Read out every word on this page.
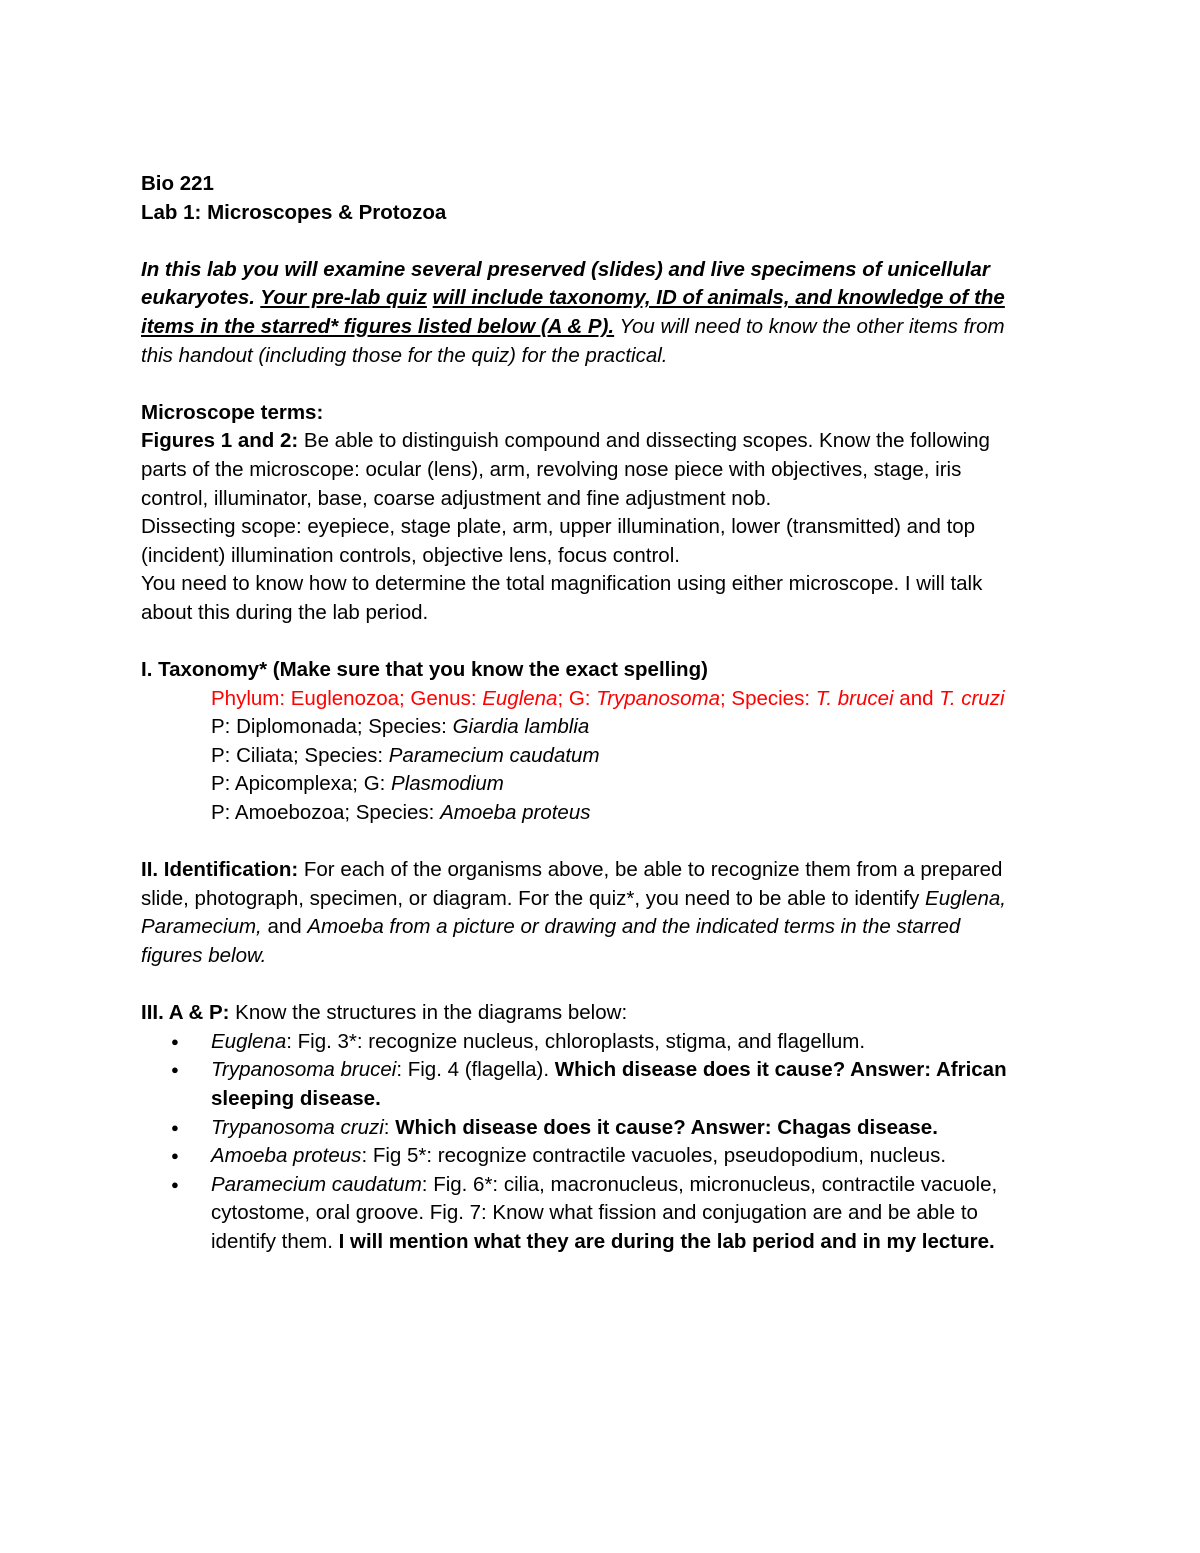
Bio 221
Lab 1: Microscopes & Protozoa
In this lab you will examine several preserved (slides) and live specimens of unicellular
eukaryotes. Your pre-lab quiz will include taxonomy, ID of animals, and knowledge of the
items in the starred* figures listed below (A & P). You will need to know the other items from
this handout (including those for the quiz) for the practical.
Microscope terms:
Figures 1 and 2: Be able to distinguish compound and dissecting scopes. Know the following
parts of the microscope: ocular (lens), arm, revolving nose piece with objectives, stage, iris
control, illuminator, base, coarse adjustment and fine adjustment nob.
Dissecting scope: eyepiece, stage plate, arm, upper illumination, lower (transmitted) and top
(incident) illumination controls, objective lens, focus control.
You need to know how to determine the total magnification using either microscope. I will talk
about this during the lab period.
I. Taxonomy* (Make sure that you know the exact spelling)
Phylum: Euglenozoa; Genus: Euglena; G: Trypanosoma; Species: T. brucei and T. cruzi
P: Diplomonada; Species: Giardia lamblia
P: Ciliata; Species: Paramecium caudatum
P: Apicomplexa; G: Plasmodium
P: Amoebozoa; Species: Amoeba proteus
II. Identification: For each of the organisms above, be able to recognize them from a prepared
slide, photograph, specimen, or diagram. For the quiz*, you need to be able to identify Euglena,
Paramecium, and Amoeba from a picture or drawing and the indicated terms in the starred
figures below.
III. A & P: Know the structures in the diagrams below:
● Euglena: Fig. 3*: recognize nucleus, chloroplasts, stigma, and flagellum.
● Trypanosoma brucei: Fig. 4 (flagella). Which disease does it cause? Answer: African
sleeping disease.
● Trypanosoma cruzi: Which disease does it cause? Answer: Chagas disease.
● Amoeba proteus: Fig 5*: recognize contractile vacuoles, pseudopodium, nucleus.
● Paramecium caudatum: Fig. 6*: cilia, macronucleus, micronucleus, contractile vacuole,
cytostome, oral groove. Fig. 7: Know what fission and conjugation are and be able to
identify them. I will mention what they are during the lab period and in my lecture.
